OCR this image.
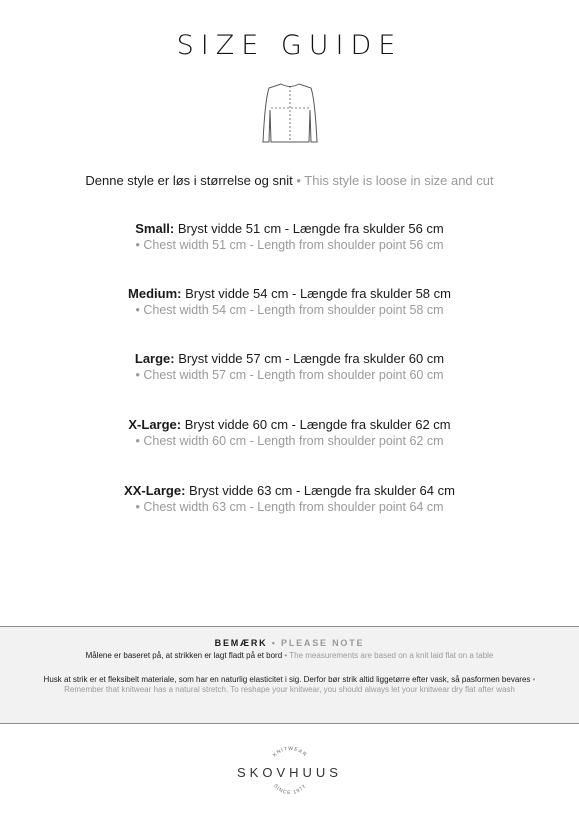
SIZE GUIDE
Denne style er løs i størrelse og snit • This style is loose in size and cut
Small: Bryst vidde 51 cm - Længde fra skulder 56 cm
• Chest width 51 cm - Length from shoulder point 56 cm
Medium: Bryst vidde 54 cm - Længde fra skulder 58 cm
• Chest width 54 cm - Length from shoulder point 58 cm
Large: Bryst vidde 57 cm - Længde fra skulder 60 cm
• Chest width 57 cm - Length from shoulder point 60 cm
X-Large: Bryst vidde 60 cm - Længde fra skulder 62 cm
• Chest width 60 cm - Length from shoulder point 62 cm
XX-Large: Bryst vidde 63 cm - Længde fra skulder 64 cm
• Chest width 63 cm - Length from shoulder point 64 cm
BEMÆRK • PLEASE NOTE
Målene er baseret på, at strikken er lagt fladt på et bord • The measurements are based on a knit laid flat on a table
Husk at strik er et fleksibelt materiale, som har en naturlig elasticitet i sig. Derfor bør strik altid liggetørre efter vask, så pasformen bevares • Remember that knitwear has a natural stretch. To reshape your knitwear, you should always let your knitwear dry flat after wash
KNITWEAR
SINCE 1972
SKOVHUUS
